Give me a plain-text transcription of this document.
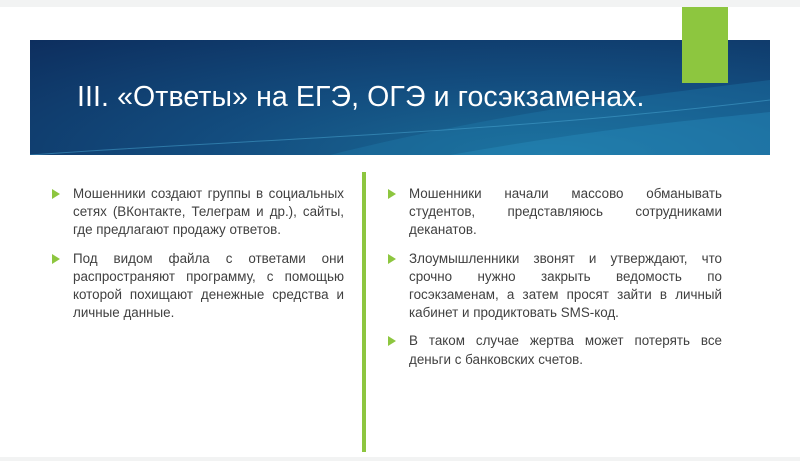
III. «Ответы» на ЕГЭ, ОГЭ и госэкзаменах.
Мошенники создают группы в социальных сетях (ВКонтакте, Телеграм и др.), сайты, где предлагают продажу ответов.
Под видом файла с ответами они распространяют программу, с помощью которой похищают денежные средства и личные данные.
Мошенники начали массово обманывать студентов, представляюсь сотрудниками деканатов.
Злоумышленники звонят и утверждают, что срочно нужно закрыть ведомость по госэкзаменам, а затем просят зайти в личный кабинет и продиктовать SMS-код.
В таком случае жертва может потерять все деньги с банковских счетов.
